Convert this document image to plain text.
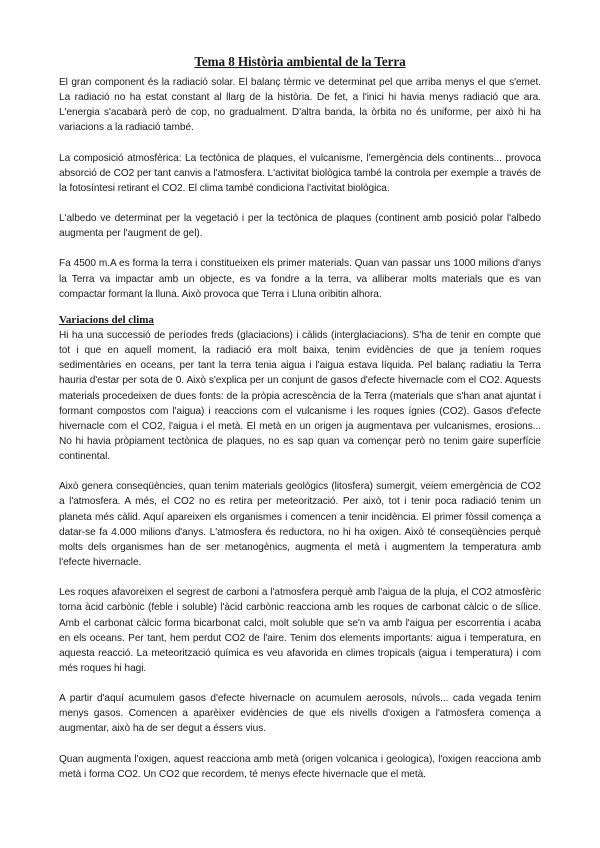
Tema 8 Història ambiental de la Terra

El gran component és la radiació solar. El balanç tèrmic ve determinat pel que arriba menys el que s'emet. La radiació no ha estat constant al llarg de la història. De fet, a l'inici hi havia menys radiació que ara. L'energia s'acabarà però de cop, no gradualment. D'altra banda, la òrbita no és uniforme, per això hi ha variacions a la radiació també.

La composició atmosfèrica: La tectònica de plaques, el vulcanisme, l'emergència dels continents... provoca absorció de CO2 per tant canvis a l'atmosfera. L'activitat biològica també la controla per exemple a través de la fotosíntesi retirant el CO2. El clima també condiciona l'activitat biològica.

L'albedo ve determinat per la vegetació i per la tectònica de plaques (continent amb posició polar l'albedo augmenta per l'augment de gel).

Fa 4500 m.A es forma la terra i constitueixen els primer materials. Quan van passar uns 1000 milions d'anys la Terra va impactar amb un objecte, es va fondre a la terra, va alliberar molts materials que es van compactar formant la lluna. Això provoca que Terra i Lluna oribitin alhora.

Variacions del clima

Hi ha una successió de períodes freds (glaciacions) i càlids (interglaciacions). S'ha de tenir en compte que tot i que en aquell moment, la radiació era molt baixa, tenim evidències de que ja teníem roques sedimentàries en oceans, per tant la terra tenia aigua i l'aigua estava líquida. Pel balanç radiatiu la Terra hauria d'estar per sota de 0. Això s'explica per un conjunt de gasos d'efecte hivernacle com el CO2. Aquests materials procedeixen de dues fonts: de la pròpia acrescència de la Terra (materials que s'han anat ajuntat i formant compostos com l'aigua) i reaccions com el vulcanisme i les roques ígnies (CO2). Gasos d'efecte hivernacle com el CO2, l'aigua i el metà. El metà en un origen ja augmentava per vulcanismes, erosions... No hi havia pròpiament tectònica de plaques, no es sap quan va començar però no tenim gaire superfície continental.

Això genera conseqüències, quan tenim materials geològics (litosfera) sumergit, veiem emergència de CO2 a l'atmosfera. A més, el CO2 no es retira per meteorització. Per això, tot i tenir poca radiació tenim un planeta més càlid. Aquí apareixen els organismes i comencen a tenir incidència. El primer fòssil comença a datar-se fa 4.000 milions d'anys. L'atmosfera és reductora, no hi ha oxigen. Això té conseqüències perquè molts dels organismes han de ser metanogènics, augmenta el metà i augmentem la temperatura amb l'efecte hivernacle.

Les roques afavoreixen el segrest de carboni a l'atmosfera perquè amb l'aigua de la pluja, el CO2 atmosfèric torna àcid carbònic (feble i soluble) l'àcid carbònic reacciona amb les roques de carbonat càlcic o de sílice. Amb el carbonat càlcic forma bicarbonat calci, molt soluble que se'n va amb l'aigua per escorrentia i acaba en els oceans. Per tant, hem perdut CO2 de l'aire. Tenim dos elements importants: aigua i temperatura, en aquesta reacció. La meteorització química es veu afavorida en climes tropicals (aigua i temperatura) i com més roques hi hagi.

A partir d'aquí acumulem gasos d'efecte hivernacle on acumulem aerosols, núvols... cada vegada tenim menys gasos. Comencen a aparèixer evidències de que els nivells d'oxigen a l'atmosfera comença a augmentar, això ha de ser degut a éssers vius.

Quan augmenta l'oxigen, aquest reacciona amb metà (origen volcanica i geologica), l'oxigen reacciona amb metà i forma CO2. Un CO2 que recordem, té menys efecte hivernacle que el metà.
